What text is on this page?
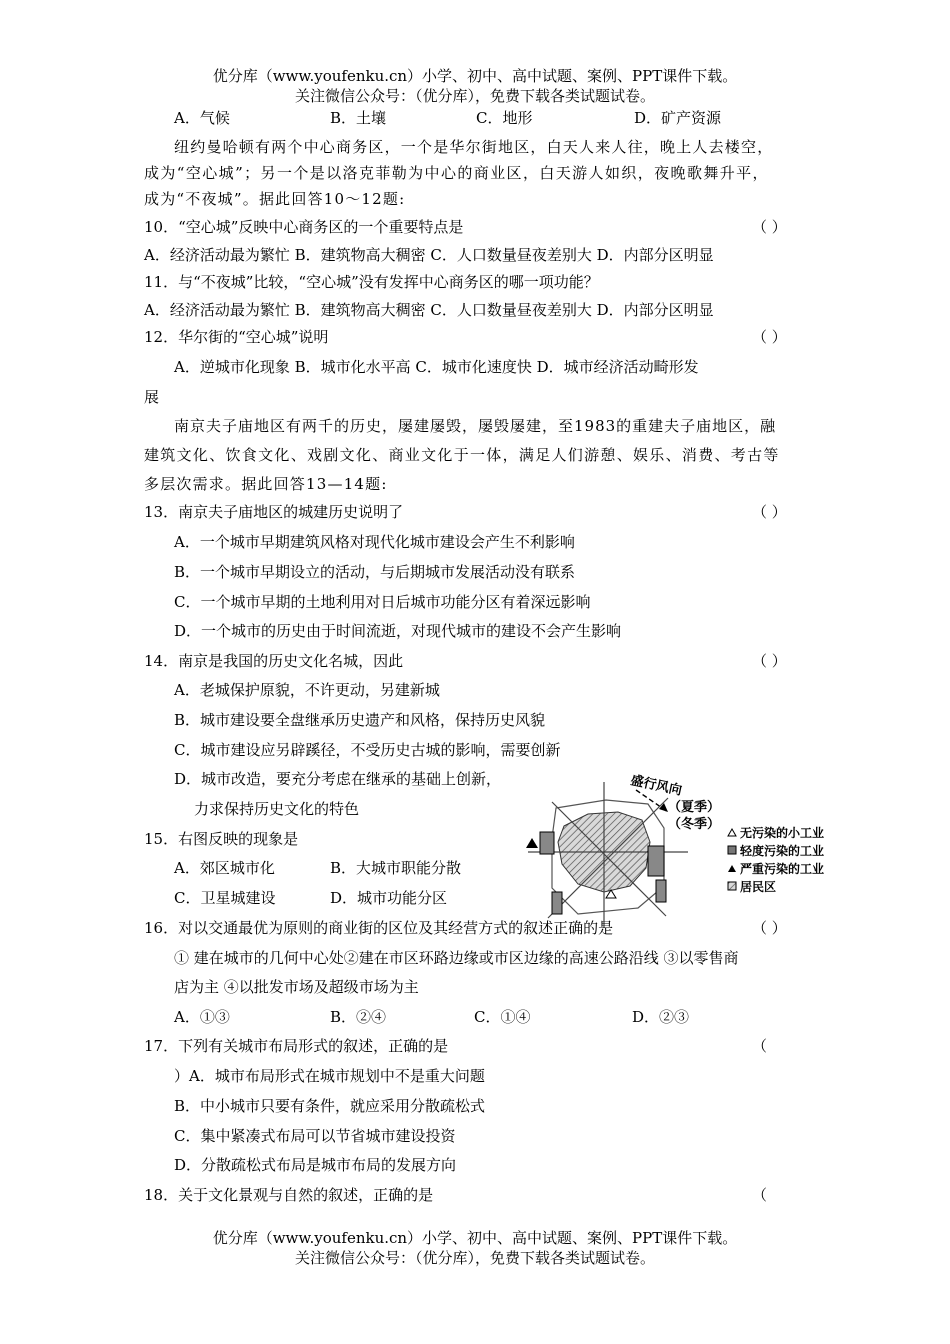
优分库（www.youfenku.cn）小学、初中、高中试题、案例、PPT课件下载。
关注微信公众号：（优分库），免费下载各类试题试卷。
A．气候	B．土壤	C．地形	D．矿产资源
纽约曼哈顿有两个中心商务区，一个是华尔街地区，白天人来人往，晚上人去楼空，
成为“空心城”；另一个是以洛克菲勒为中心的商业区，白天游人如织，夜晚歌舞升平，
成为“不夜城”。据此回答10～12题:
10．“空心城”反映中心商务区的一个重要特点是	（ ）
A．经济活动最为繁忙 B．建筑物高大稠密 C．人口数量昼夜差别大 D．内部分区明显
11．与“不夜城”比较，“空心城”没有发挥中心商务区的哪一项功能？
A．经济活动最为繁忙 B．建筑物高大稠密 C．人口数量昼夜差别大 D．内部分区明显
12．华尔街的“空心城”说明	（ ）
A．逆城市化现象 B．城市化水平高 C．城市化速度快 D．城市经济活动畸形发
展
南京夫子庙地区有两千的历史，屡建屡毁，屡毁屡建，至1983的重建夫子庙地区，融
建筑文化、饮食文化、戏剧文化、商业文化于一体，满足人们游憩、娱乐、消费、考古等
多层次需求。据此回答13—14题:
13．南京夫子庙地区的城建历史说明了	（ ）
A．一个城市早期建筑风格对现代化城市建设会产生不利影响
B．一个城市早期设立的活动，与后期城市发展活动没有联系
C．一个城市早期的土地利用对日后城市功能分区有着深远影响
D．一个城市的历史由于时间流逝，对现代城市的建设不会产生影响
14．南京是我国的历史文化名城，因此	（ ）
A．老城保护原貌，不许更动，另建新城
B．城市建设要全盘继承历史遗产和风格，保持历史风貌
C．城市建设应另辟蹊径，不受历史古城的影响，需要创新
D．城市改造，要充分考虑在继承的基础上创新，
力求保持历史文化的特色
15．右图反映的现象是
A．郊区城市化	B．大城市职能分散
C．卫星城建设	D．城市功能分区
盛行风向
（夏季）
（冬季）
无污染的小工业
轻度污染的工业
严重污染的工业
居民区
16．对以交通最优为原则的商业街的区位及其经营方式的叙述正确的是	（ ）
① 建在城市的几何中心处②建在市区环路边缘或市区边缘的高速公路沿线 ③以零售商
店为主 ④以批发市场及超级市场为主
A．①③	B．②④	C．①④	D．②③
17．下列有关城市布局形式的叙述，正确的是	（
）A．城市布局形式在城市规划中不是重大问题
B．中小城市只要有条件，就应采用分散疏松式
C．集中紧凑式布局可以节省城市建设投资
D．分散疏松式布局是城市布局的发展方向
18．关于文化景观与自然的叙述，正确的是	（
优分库（www.youfenku.cn）小学、初中、高中试题、案例、PPT课件下载。
关注微信公众号：（优分库），免费下载各类试题试卷。
